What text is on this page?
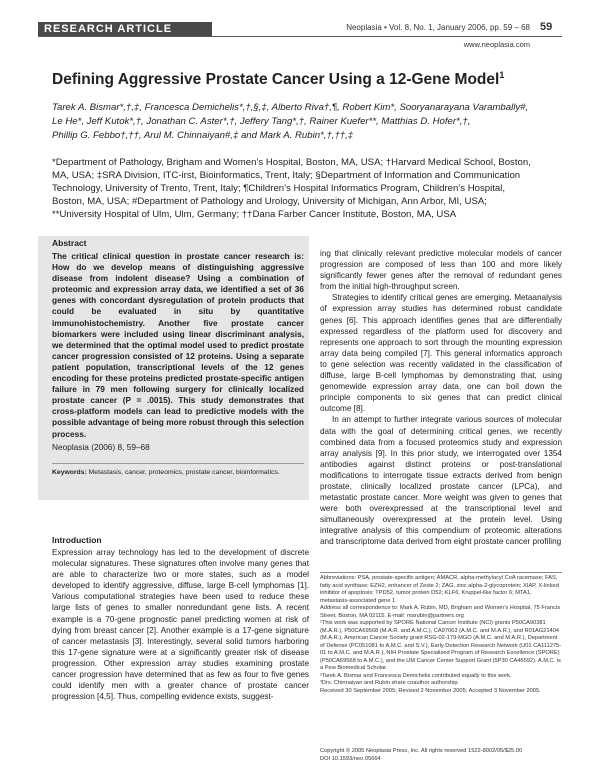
RESEARCH ARTICLE	Neoplasia • Vol. 8, No. 1, January 2006, pp. 59 – 68 59
www.neoplasia.com
Defining Aggressive Prostate Cancer Using a 12-Gene Model$^1$
Tarek A. Bismar*,†,‡, Francesca Demichelis*,†,§,‡, Alberto Riva†,¶, Robert Kim*, Sooryanarayana Varambally#,
Le He*, Jeff Kutok*,†, Jonathan C. Aster*,†, Jeffery Tang*,†, Rainer Kuefer**, Matthias D. Hofer*,†,
Phillip G. Febbo†,††, Arul M. Chinnaiyan#,‡ and Mark A. Rubin*,†,††,‡
*Department of Pathology, Brigham and Women’s Hospital, Boston, MA, USA; †Harvard Medical School, Boston,
MA, USA; ‡SRA Division, ITC-irst, Bioinformatics, Trent, Italy; §Department of Information and Communication
Technology, University of Trento, Trent, Italy; ¶Children’s Hospital Informatics Program, Children’s Hospital,
Boston, MA, USA; #Department of Pathology and Urology, University of Michigan, Ann Arbor, MI, USA;
**University Hospital of Ulm, Ulm, Germany; ††Dana Farber Cancer Institute, Boston, MA, USA
Abstract
The critical clinical question in prostate cancer research is: How do we develop means of distinguishing aggressive disease from indolent disease? Using a combination of proteomic and expression array data, we identified a set of 36 genes with concordant dysregulation of protein products that could be evaluated in situ by quantitative immunohistochemistry. Another five prostate cancer biomarkers were included using linear discriminant analysis, we determined that the optimal model used to predict prostate cancer progression consisted of 12 proteins. Using a separate patient population, transcriptional levels of the 12 genes encoding for these proteins predicted prostate-specific antigen failure in 79 men following surgery for clinically localized prostate cancer (P = .0015). This study demonstrates that cross-platform models can lead to predictive models with the possible advantage of being more robust through this selection process.
Neoplasia (2006) 8, 59–68
Keywords: Metastasis, cancer, proteomics, prostate cancer, bioinformatics.
Introduction
Expression array technology has led to the development of discrete molecular signatures. These signatures often involve many genes that are able to characterize two or more states, such as a model developed to identify aggressive, diffuse, large B-cell lymphomas [1]. Various computational strategies have been used to reduce these large lists of genes to smaller nonredundant gene lists. A recent example is a 70-gene prognostic panel predicting women at risk of dying from breast cancer [2]. Another example is a 17-gene signature of cancer metastasis [3]. Interestingly, several solid tumors harboring this 17-gene signature were at a significantly greater risk of disease progression. Other expression array studies examining prostate cancer progression have determined that as few as four to five genes could identify men with a greater chance of prostate cancer progression [4,5]. Thus, compelling evidence exists, suggest-

ing that clinically relevant predictive molecular models of cancer progression are composed of less than 100 and more likely significantly fewer genes after the removal of redundant genes from the initial high-throughput screen.

Strategies to identify critical genes are emerging. Metaanalysis of expression array studies has determined robust candidate genes [6]. This approach identifies genes that are differentially expressed regardless of the platform used for discovery and represents one approach to sort through the mounting expression array data being compiled [7]. This general informatics approach to gene selection was recently validated in the classification of diffuse, large B-cell lymphomas by demonstrating that, using genomewide expression array data, one can boil down the principle components to six genes that can predict clinical outcome [8].

In an attempt to further integrate various sources of molecular data with the goal of determining critical genes, we recently combined data from a focused proteomics study and expression array analysis [9]. In this prior study, we interrogated over 1354 antibodies against distinct proteins or post-translational modifications to interrogate tissue extracts derived from benign prostate, clinically localized prostate cancer (LPCa), and metastatic prostate cancer. More weight was given to genes that were both overexpressed at the transcriptional level and simultaneously overexpressed at the protein level. Using integrative analysis of this compendium of proteomic alterations and transcriptome data derived from eight prostate cancer profiling

Abbreviations: PSA, prostate-specific antigen; AMACR, alpha-methylacyl CoA racemase; FAS, fatty acid synthase; EZH2, enhancer of Zeste 2; ZAG, zinc alpha-2-glycoprotein; XIAP, X-linked inhibitor of apoptosis; TPD52, tumor protein D52; KLF6, Kruppel-like factor 6; MTA1, metastasis-associated gene 1
Address all correspondence to: Mark A. Rubin, MD, Brigham and Women’s Hospital, 75 Francis Street, Boston, MA 02115. E-mail: marubin@partners.org
¹This work was supported by SPORE National Cancer Institute (NCI) grants P50CA90381 (M.A.R.), P50CA69568 (M.A.R. and A.M.C.), CA97063 (A.M.C. and M.A.R.), and R01AG21404 (M.A.R.), American Cancer Society grant RSG-02-179-MGO (A.M.C. and M.A.R.), Department of Defense (PC051081 to A.M.C. and S.V.), Early Detection Research Network (U01 CA111275-01 to A.M.C. and M.A.R.), NIH Prostate Specialized Program of Research Excellence (SPORE) (P50CA69568 to A.M.C.), and the UM Cancer Center Support Grant (5P30 CA46592). A.M.C. is a Pew Biomedical Scholar.
²Tarek A. Bismar and Francesca Demichelis contributed equally to this work.
³Drs. Chinnaiyan and Rubin share coauthor authorship.
Received 30 September 2005; Revised 2 November 2005; Accepted 3 November 2005.
Copyright © 2005 Neoplasia Press, Inc. All rights reserved 1522-8002/05/$25.00
DOI 10.1593/neo.05664
